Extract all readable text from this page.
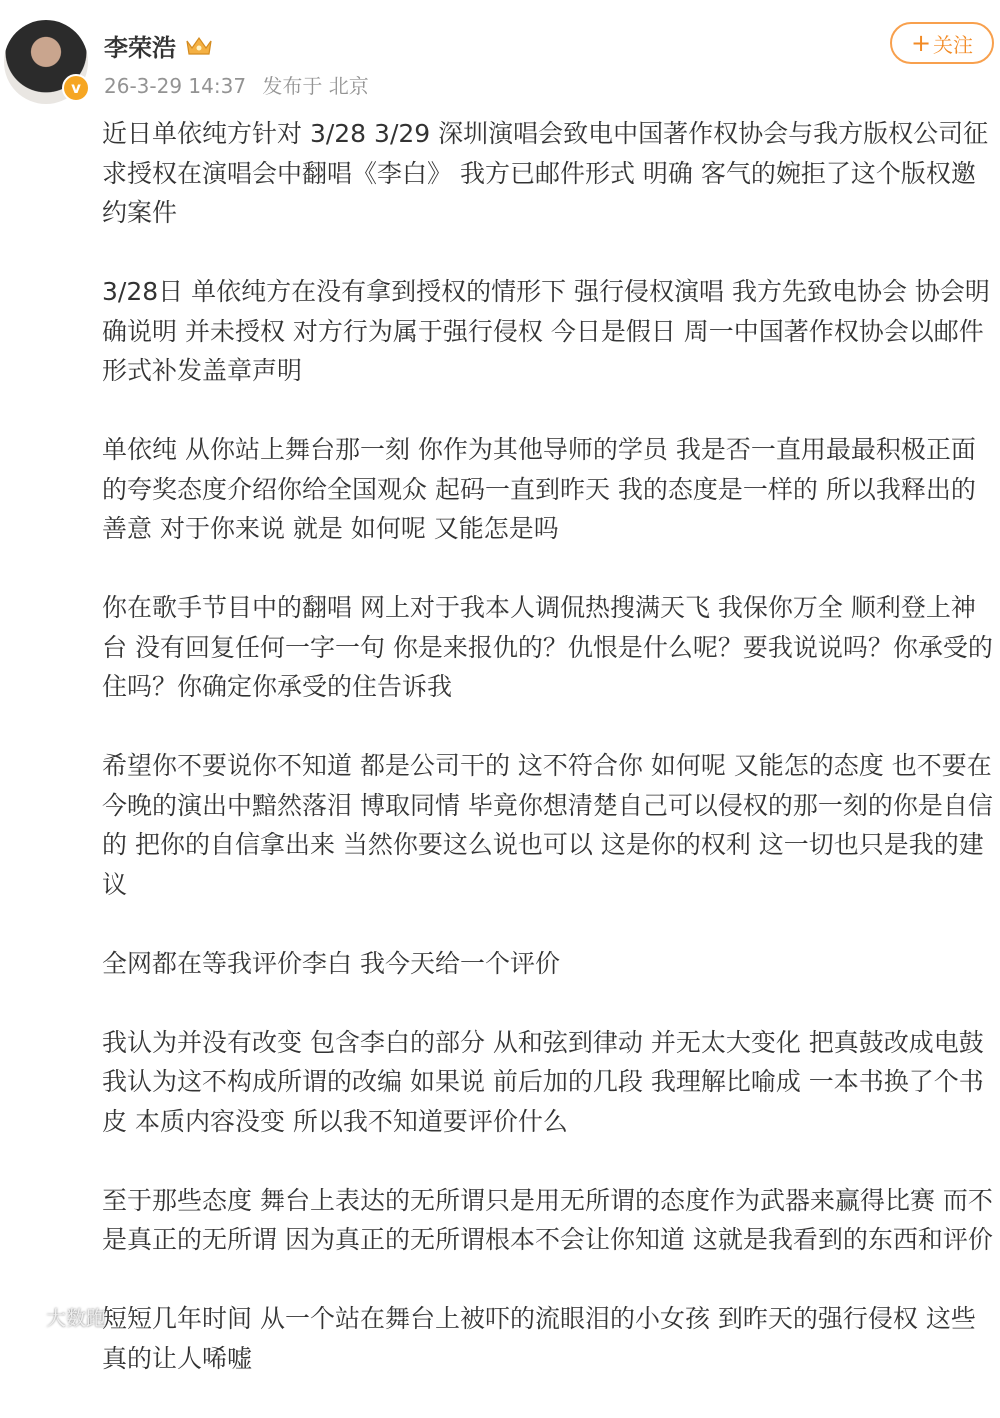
v
李荣浩
26-3-29 14:37 发布于 北京
+ 关注

近日单依纯方针对 3/28 3/29 深圳演唱会致电中国著作权协会与我方版权公司征求授权在演唱会中翻唱《李白》 我方已邮件形式 明确 客气的婉拒了这个版权邀约案件

3/28日 单依纯方在没有拿到授权的情形下 强行侵权演唱 我方先致电协会 协会明确说明 并未授权 对方行为属于强行侵权 今日是假日 周一中国著作权协会以邮件形式补发盖章声明

单依纯 从你站上舞台那一刻 你作为其他导师的学员 我是否一直用最最积极正面的夸奖态度介绍你给全国观众 起码一直到昨天 我的态度是一样的 所以我释出的善意 对于你来说 就是 如何呢 又能怎是吗

你在歌手节目中的翻唱 网上对于我本人调侃热搜满天飞 我保你万全 顺利登上神台 没有回复任何一字一句 你是来报仇的？仇恨是什么呢？要我说说吗？你承受的住吗？你确定你承受的住告诉我

希望你不要说你不知道 都是公司干的 这不符合你 如何呢 又能怎的态度 也不要在今晚的演出中黯然落泪 博取同情 毕竟你想清楚自己可以侵权的那一刻的你是自信的 把你的自信拿出来 当然你要这么说也可以 这是你的权利 这一切也只是我的建议

全网都在等我评价李白 我今天给一个评价

我认为并没有改变 包含李白的部分 从和弦到律动 并无太大变化 把真鼓改成电鼓 我认为这不构成所谓的改编 如果说 前后加的几段 我理解比喻成 一本书换了个书皮 本质内容没变 所以我不知道要评价什么

至于那些态度 舞台上表达的无所谓只是用无所谓的态度作为武器来赢得比赛 而不是真正的无所谓 因为真正的无所谓根本不会让你知道 这就是我看到的东西和评价

短短几年时间 从一个站在舞台上被吓的流眼泪的小女孩 到昨天的强行侵权 这些真的让人唏嘘

大数跑
